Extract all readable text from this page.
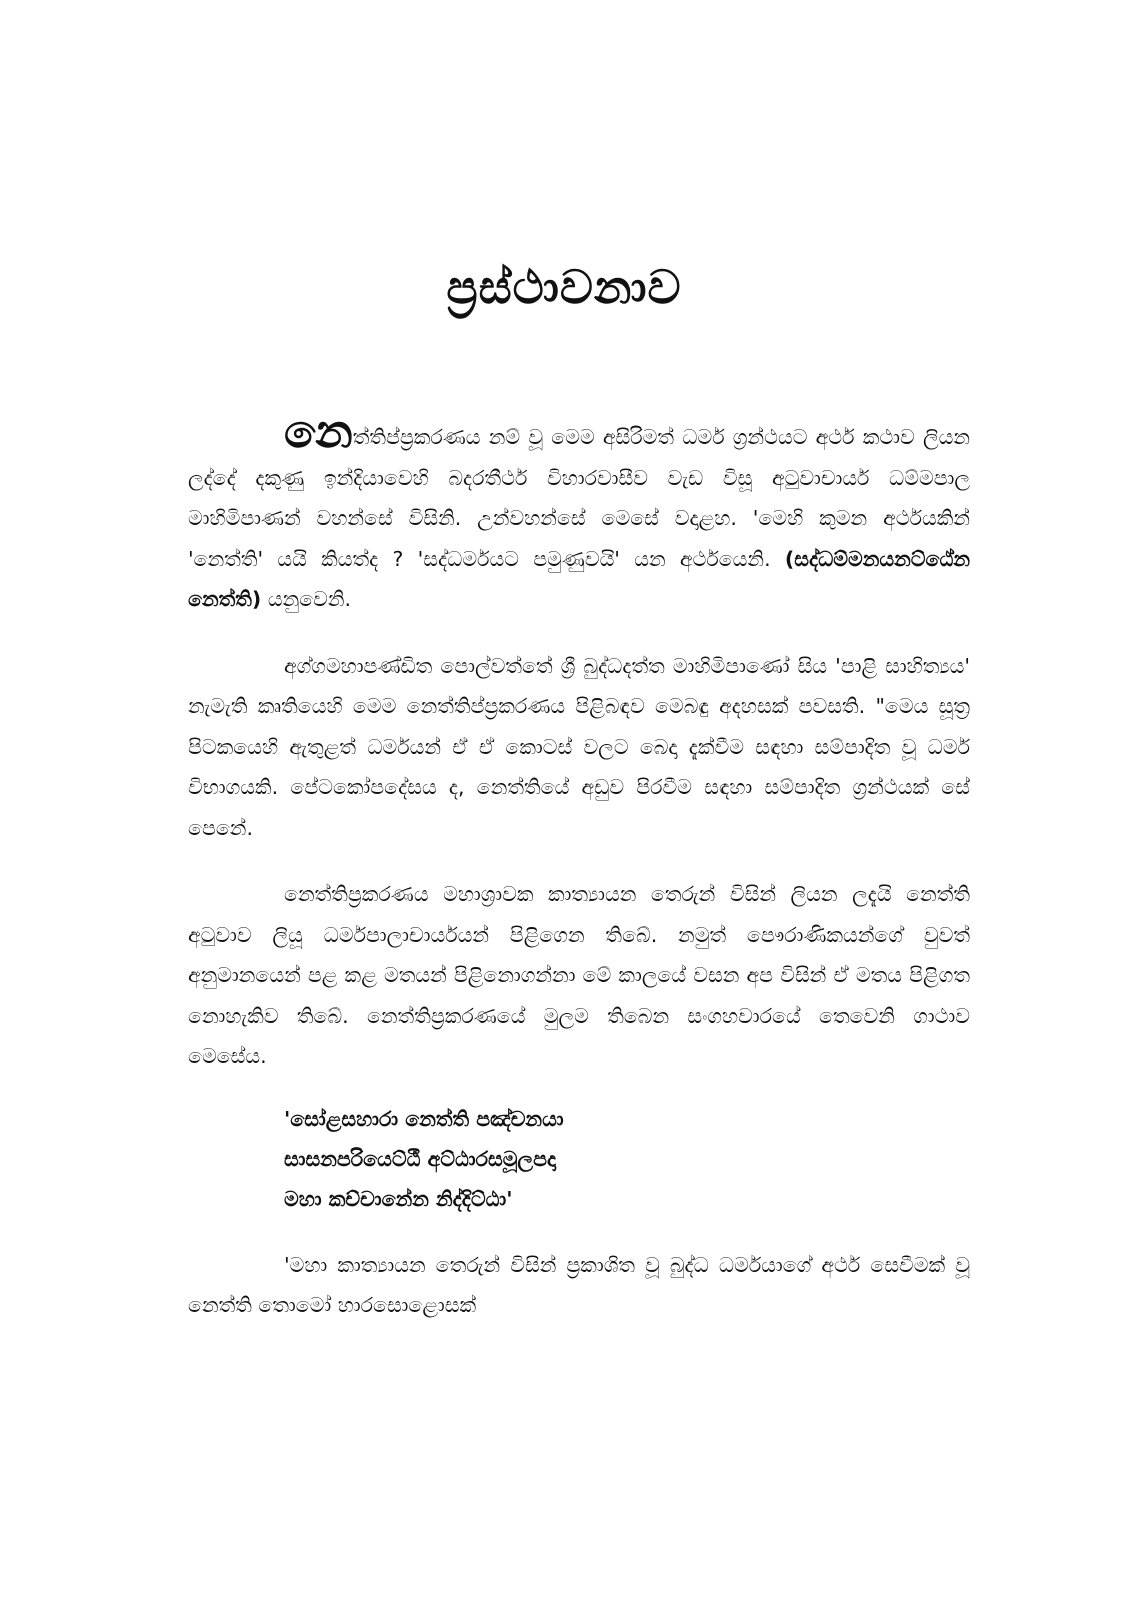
ප්‍රස්ථාවනාව

නෙත්තිප්ප්‍රකරණය නම් වූ මෙම අසිරිමත් ධර්ම ග්‍රන්ථයට අර්ථ කථාව ලියන ලද්දේ දකුණු ඉන්දියාවෙහි බදරතීර්ථ විහාරවාසීව වැඩ විසූ අටුවාචාර්ය ධම්මපාල මාහිමිපාණන් වහන්සේ විසිනි. උන්වහන්සේ මෙසේ වදාළහ. 'මෙහි කුමන අර්ථයකින් 'නෙත්ති' යයි කියත්ද ? 'සද්ධර්මයට පමුණුවයි' යන අර්ථයෙනි. (සද්ධම්මනයනට්ඨේන නෙත්ති) යනුවෙනි.

අග්ගමහාපණ්ඩිත පොල්වත්තේ ශ්‍රී බුද්ධදත්ත මාහිමිපාණෝ සිය 'පාළි සාහිත්‍යය' නැමැති කෘතියෙහි මෙම නෙත්තිප්ප්‍රකරණය පිළිබඳව මෙබඳු අදහසක් පවසති. "මෙය සූත්‍ර පිටකයෙහි ඇතුළත් ධර්මයන් ඒ ඒ කොටස් වලට බෙදා දැක්වීම සඳහා සම්පාදිත වූ ධර්ම විභාගයකි. පේටකෝපදේසය ද, නෙත්තියේ අඩුව පිරවීම සඳහා සම්පාදිත ග්‍රන්ථයක් සේ පෙනේ.

නෙත්තිප්‍රකරණය මහාශ්‍රාවක කාත්‍යායන තෙරුන් විසින් ලියන ලදැයි නෙත්ති අටුවාව ලියූ ධර්මපාලාචාර්යයන් පිළිගෙන තිබේ. නමුත් පෞරාණිකයන්ගේ වුවත් අනුමානයෙන් පළ කළ මතයන් පිළිනොගන්නා මේ කාලයේ වසන අප විසින් ඒ මතය පිළිගත නොහැකිව තිබේ. නෙත්තිප්‍රකරණයේ මුලම තිබෙන සංගහවාරයේ තෙවෙනි ගාථාව මෙසේය.

'සෝළසහාරා නෙත්ති පඤ්චනයා
සාසනපරියෙට්ඨී අට්ඨාරසමූලපදා
මහා කච්චානේන නිද්දිට්ඨා'

'මහා කාත්‍යායන තෙරුන් විසින් ප්‍රකාශිත වූ බුද්ධ ධර්මයාගේ අර්ථ සෙවීමක් වූ නෙත්ති තොමෝ හාරසොළොසක්
